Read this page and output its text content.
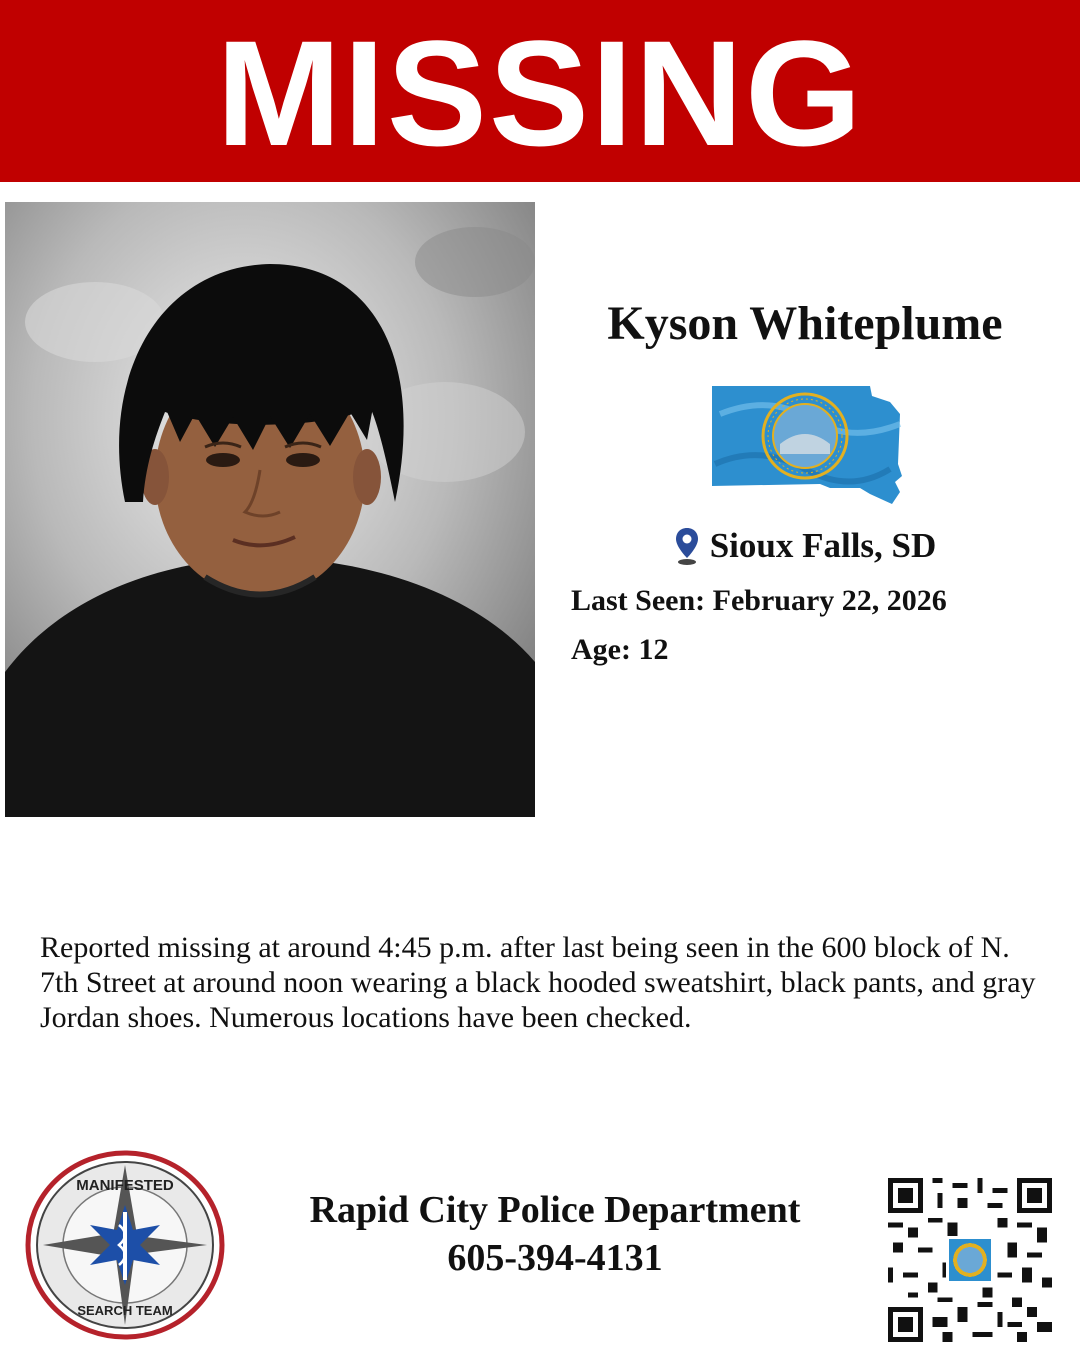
MISSING
Kyson Whiteplume
Sioux Falls, SD
Last Seen: February 22, 2026
Age: 12

Reported missing at around 4:45 p.m. after last being seen in the 600 block of N. 7th Street at around noon wearing a black hooded sweatshirt, black pants, and gray Jordan shoes. Numerous locations have been checked.

MANIFESTED
SEARCH TEAM
Rapid City Police Department
605-394-4131
